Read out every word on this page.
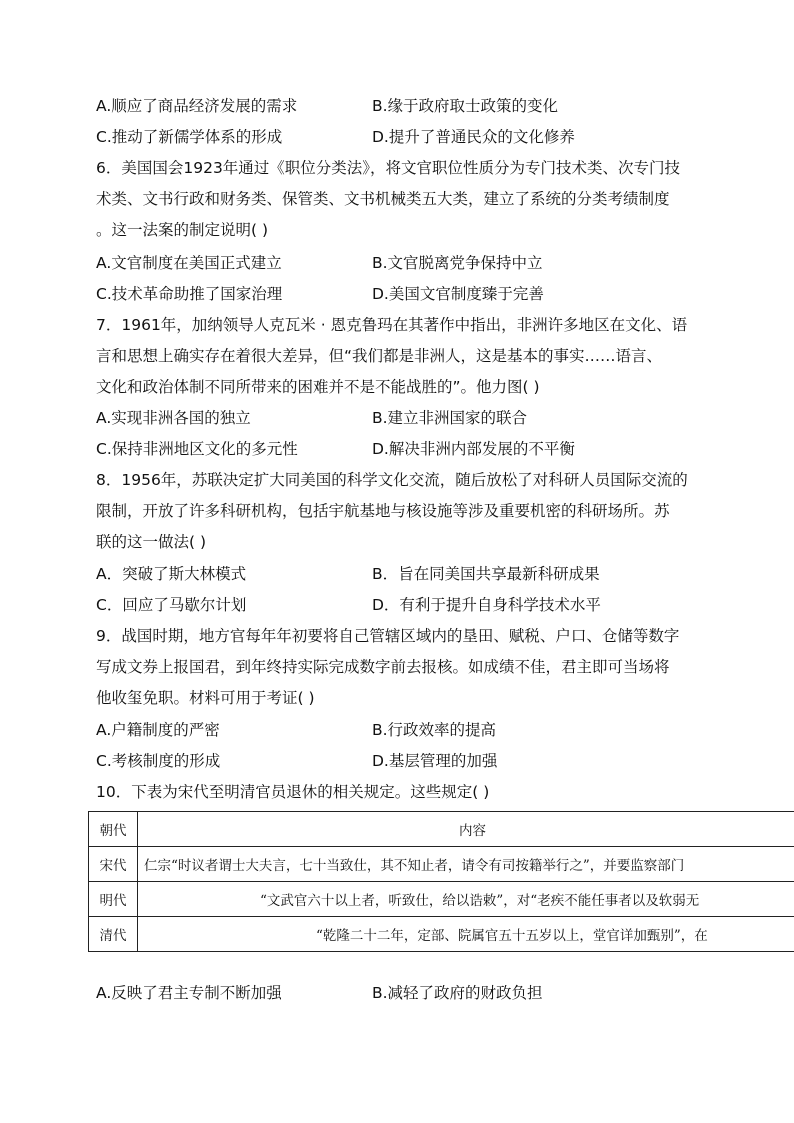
A.顺应了商品经济发展的需求	B.缘于政府取士政策的变化
C.推动了新儒学体系的形成	D.提升了普通民众的文化修养
6．美国国会1923年通过《职位分类法》，将文官职位性质分为专门技术类、次专门技
术类、文书行政和财务类、保管类、文书机械类五大类，建立了系统的分类考绩制度
。这一法案的制定说明( )
A.文官制度在美国正式建立	B.文官脱离党争保持中立
C.技术革命助推了国家治理	D.美国文官制度臻于完善
7．1961年，加纳领导人克瓦米 · 恩克鲁玛在其著作中指出，非洲许多地区在文化、语
言和思想上确实存在着很大差异，但“我们都是非洲人，这是基本的事实……语言、
文化和政治体制不同所带来的困难并不是不能战胜的”。他力图( )
A.实现非洲各国的独立	B.建立非洲国家的联合
C.保持非洲地区文化的多元性	D.解决非洲内部发展的不平衡
8．1956年，苏联决定扩大同美国的科学文化交流，随后放松了对科研人员国际交流的
限制，开放了许多科研机构，包括宇航基地与核设施等涉及重要机密的科研场所。苏
联的这一做法( )
A．突破了斯大林模式	B．旨在同美国共享最新科研成果
C．回应了马歇尔计划	D．有利于提升自身科学技术水平
9．战国时期，地方官每年年初要将自己管辖区域内的垦田、赋税、户口、仓储等数字
写成文券上报国君，到年终持实际完成数字前去报核。如成绩不佳，君主即可当场将
他收玺免职。材料可用于考证( )
A.户籍制度的严密	B.行政效率的提高
C.考核制度的形成	D.基层管理的加强
10．下表为宋代至明清官员退休的相关规定。这些规定( )
朝代	内容
宋代	仁宗“时议者谓士大夫言，七十当致仕，其不知止者，请令有司按籍举行之”，并要监察部门
明代	“文武官六十以上者，听致仕，给以诰敕”，对“老疾不能任事者以及软弱无
清代	“乾隆二十二年，定部、院属官五十五岁以上，堂官详加甄别”，在
A.反映了君主专制不断加强	B.减轻了政府的财政负担
